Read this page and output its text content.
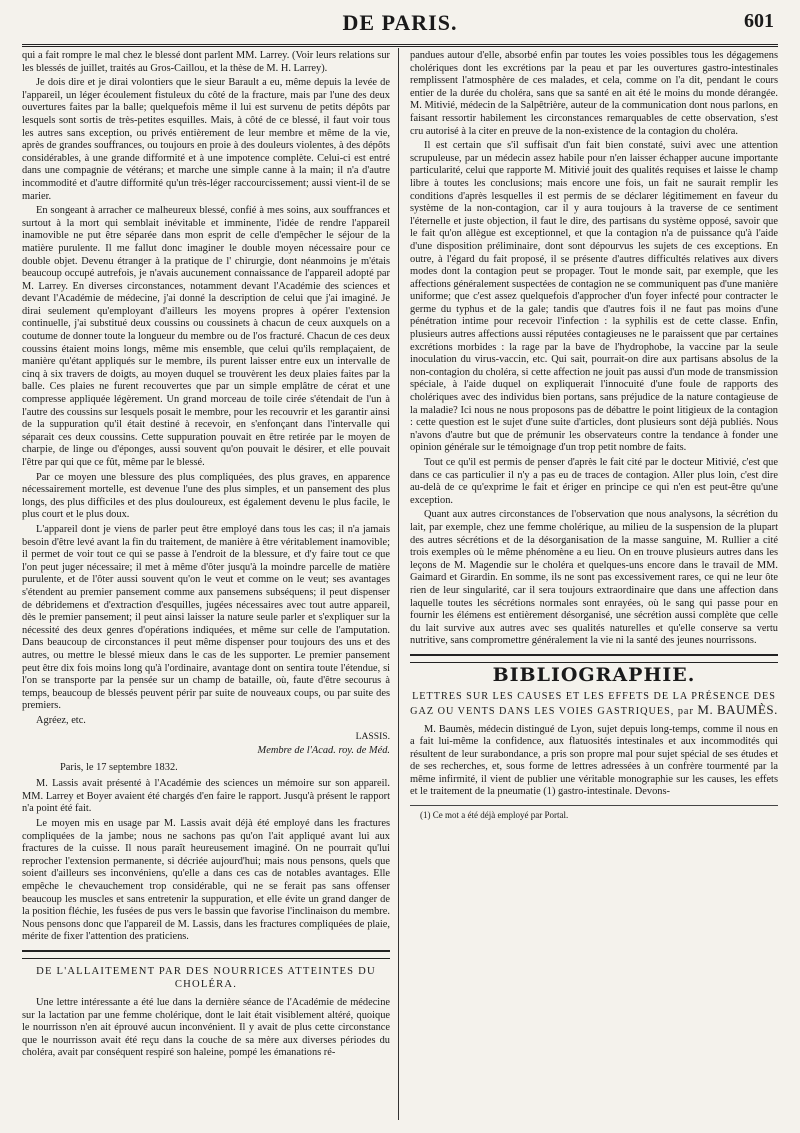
DE PARIS.	601

qui a fait rompre le mal chez le blessé dont parlent MM. Larrey. (Voir leurs relations sur les blessés de juillet, traités au Gros-Caillou, et la thèse de M. H. Larrey).

Je dois dire et je dirai volontiers que le sieur Barault a eu, même depuis la levée de l'appareil, un léger écoulement fistuleux du côté de la fracture, mais par l'une des deux ouvertures faites par la balle; quelquefois même il lui est survenu de petits dépôts par lesquels sont sortis de très-petites esquilles. Mais, à côté de ce blessé, il faut voir tous les autres sans exception, ou privés entièrement de leur membre et même de la vie, après de grandes souffrances, ou toujours en proie à des douleurs violentes, à des dépôts considérables, à une grande difformité et à une impotence complète. Celui-ci est entré dans une compagnie de vétérans; et marche une simple canne à la main; il n'a d'autre incommodité et d'autre difformité qu'un très-léger raccourcissement; aussi vient-il de se marier.

En songeant à arracher ce malheureux blessé, confié à mes soins, aux souffrances et surtout à la mort qui semblait inévitable et imminente, l'idée de rendre l'appareil inamovible ne put être séparée dans mon esprit de celle d'empêcher le séjour de la matière purulente. Il me fallut donc imaginer le double moyen nécessaire pour ce double objet. Devenu étranger à la pratique de l' chirurgie, dont néanmoins je m'étais beaucoup occupé autrefois, je n'avais aucunement connaissance de l'appareil adopté par M. Larrey. En diverses circonstances, notamment devant l'Académie des sciences et devant l'Académie de médecine, j'ai donné la description de celui que j'ai imaginé. Je dirai seulement qu'employant d'ailleurs les moyens propres à opérer l'extension continuelle, j'ai substitué deux coussins ou coussinets à chacun de ceux auxquels on a coutume de donner toute la longueur du membre ou de l'os fracturé. Chacun de ces deux coussins étaient moins longs, même mis ensemble, que celui qu'ils remplaçaient, de manière qu'étant appliqués sur le membre, ils purent laisser entre eux un intervalle de cinq à six travers de doigts, au moyen duquel se trouvèrent les deux plaies faites par la balle. Ces plaies ne furent recouvertes que par un simple emplâtre de cérat et une compresse appliquée légèrement. Un grand morceau de toile cirée s'étendait de l'un à l'autre des coussins sur lesquels posait le membre, pour les recouvrir et les garantir ainsi de la suppuration qu'il était destiné à recevoir, en s'enfonçant dans l'intervalle qui séparait ces deux coussins. Cette suppuration pouvait en être retirée par le moyen de charpie, de linge ou d'éponges, aussi souvent qu'on pouvait le désirer, et elle pouvait l'être par qui que ce fût, même par le blessé.

Par ce moyen une blessure des plus compliquées, des plus graves, en apparence nécessairement mortelle, est devenue l'une des plus simples, et un pansement des plus longs, des plus difficiles et des plus douloureux, est également devenu le plus facile, le plus court et le plus doux.

L'appareil dont je viens de parler peut être employé dans tous les cas; il n'a jamais besoin d'être levé avant la fin du traitement, de manière à être véritablement inamovible; il permet de voir tout ce qui se passe à l'endroit de la blessure, et d'y faire tout ce que l'on peut juger nécessaire; il met à même d'ôter jusqu'à la moindre parcelle de matière purulente, et de l'ôter aussi souvent qu'on le veut et comme on le veut; ses avantages s'étendent au premier pansement comme aux pansemens subséquens; il peut dispenser de débridemens et d'extraction d'esquilles, jugées nécessaires avec tout autre appareil, dès le premier pansement; il peut ainsi laisser la nature seule parler et s'expliquer sur la nécessité des deux genres d'opérations indiquées, et même sur celle de l'amputation. Dans beaucoup de circonstances il peut même dispenser pour toujours des uns et des autres, ou mettre le blessé mieux dans le cas de les supporter. Le premier pansement peut être dix fois moins long qu'à l'ordinaire, avantage dont on sentira toute l'étendue, si l'on se transporte par la pensée sur un champ de bataille, où, faute d'être secourus à temps, beaucoup de blessés peuvent périr par suite de nouveaux coups, ou par suite des premiers.

Agréez, etc.

LASSIS.
Membre de l'Acad. roy. de Méd.
Paris, le 17 septembre 1832.

M. Lassis avait présenté à l'Académie des sciences un mémoire sur son appareil. MM. Larrey et Boyer avaient été chargés d'en faire le rapport. Jusqu'à présent le rapport n'a point été fait.

Le moyen mis en usage par M. Lassis avait déjà été employé dans les fractures compliquées de la jambe; nous ne sachons pas qu'on l'ait appliqué avant lui aux fractures de la cuisse. Il nous paraît heureusement imaginé. On ne pourrait qu'lui reprocher l'extension permanente, si décriée aujourd'hui; mais nous pensons, quels que soient d'ailleurs ses inconvéniens, qu'elle a dans ces cas de notables avantages. Elle empêche le chevauchement trop considérable, qui ne se ferait pas sans offenser beaucoup les muscles et sans entretenir la suppuration, et elle évite un grand danger de la position fléchie, les fusées de pus vers le bassin que favorise l'inclinaison du membre. Nous pensons donc que l'appareil de M. Lassis, dans les fractures compliquées de plaie, mérite de fixer l'attention des praticiens.

DE L'ALLAITEMENT PAR DES NOURRICES ATTEINTES DU CHOLÉRA.

Une lettre intéressante a été lue dans la dernière séance de l'Académie de médecine sur la lactation par une femme cholérique, dont le lait était visiblement altéré, quoique le nourrisson n'en ait éprouvé aucun inconvénient. Il y avait de plus cette circonstance que le nourrisson avait été reçu dans la couche de sa mère aux diverses périodes du choléra, avait par conséquent respiré son haleine, pompé les émanations ré-

pandues autour d'elle, absorbé enfin par toutes les voies possibles tous les dégagemens cholériques dont les excrétions par la peau et par les ouvertures gastro-intestinales remplissent l'atmosphère de ces malades, et cela, comme on l'a dit, pendant le cours entier de la durée du choléra, sans que sa santé en ait été le moins du monde dérangée. M. Mitivié, médecin de la Salpêtrière, auteur de la communication dont nous parlons, en faisant ressortir habilement les circonstances remarquables de cette observation, s'est cru autorisé à la citer en preuve de la non-existence de la contagion du choléra.

Il est certain que s'il suffisait d'un fait bien constaté, suivi avec une attention scrupuleuse, par un médecin assez habile pour n'en laisser échapper aucune importante particularité, celui que rapporte M. Mitivié jouit des qualités requises et laisse le champ libre à toutes les conclusions; mais encore une fois, un fait ne saurait remplir les conditions d'après lesquelles il est permis de se déclarer légitimement en faveur du système de la non-contagion, car il y aura toujours à la traverse de ce sentiment l'éternelle et juste objection, il faut le dire, des partisans du système opposé, savoir que le fait qu'on allègue est exceptionnel, et que la contagion n'a de puissance qu'à l'aide d'une disposition préliminaire, dont sont dépourvus les sujets de ces exceptions. En outre, à l'égard du fait proposé, il se présente d'autres difficultés relatives aux divers modes dont la contagion peut se propager. Tout le monde sait, par exemple, que les affections généralement suspectées de contagion ne se communiquent pas d'une manière uniforme; que c'est assez quelquefois d'approcher d'un foyer infecté pour contracter le germe du typhus et de la gale; tandis que d'autres fois il ne faut pas moins d'une pénétration intime pour recevoir l'infection : la syphilis est de cette classe. Enfin, plusieurs autres affections aussi réputées contagieuses ne le paraissent que par certaines excrétions morbides : la rage par la bave de l'hydrophobe, la vaccine par la seule inoculation du virus-vaccin, etc. Qui sait, pourrait-on dire aux partisans absolus de la non-contagion du choléra, si cette affection ne jouit pas aussi d'un mode de transmission spéciale, à l'aide duquel on expliquerait l'innocuité d'une foule de rapports des cholériques avec des individus bien portans, sans préjudice de la nature contagieuse de la maladie? Ici nous ne nous proposons pas de débattre le point litigieux de la contagion : cette question est le sujet d'une suite d'articles, dont plusieurs sont déjà publiés. Nous n'avons d'autre but que de prémunir les observateurs contre la tendance à fonder une opinion générale sur le témoignage d'un trop petit nombre de faits.

Tout ce qu'il est permis de penser d'après le fait cité par le docteur Mitivié, c'est que dans ce cas particulier il n'y a pas eu de traces de contagion. Aller plus loin, c'est dire au-delà de ce qu'exprime le fait et ériger en principe ce qui n'en est peut-être qu'une exception.

Quant aux autres circonstances de l'observation que nous analysons, la sécrétion du lait, par exemple, chez une femme cholérique, au milieu de la suspension de la plupart des autres sécrétions et de la désorganisation de la masse sanguine, M. Rullier a cité trois exemples où le même phénomène a eu lieu. On en trouve plusieurs autres dans les leçons de M. Magendie sur le choléra et quelques-uns encore dans le travail de MM. Gaimard et Girardin. En somme, ils ne sont pas excessivement rares, ce qui ne leur ôte rien de leur singularité, car il sera toujours extraordinaire que dans une affection dans laquelle toutes les sécrétions normales sont enrayées, où le sang qui passe pour en fournir les élémens est entièrement désorganisé, une sécrétion aussi complète que celle du lait survive aux autres avec ses qualités naturelles et qu'elle conserve sa vertu nutritive, sans compromettre généralement la vie ni la santé des jeunes nourrissons.

BIBLIOGRAPHIE.
LETTRES SUR LES CAUSES ET LES EFFETS DE LA PRÉSENCE DES GAZ OU VENTS DANS LES VOIES GASTRIQUES, par M. BAUMÈS.

M. Baumès, médecin distingué de Lyon, sujet depuis long-temps, comme il nous en a fait lui-même la confidence, aux flatuosités intestinales et aux incommodités qui résultent de leur surabondance, a pris son propre mal pour sujet spécial de ses études et de ses recherches, et, sous forme de lettres adressées à un confrère tourmenté par la même infirmité, il vient de publier une véritable monographie sur les causes, les effets et le traitement de la pneumatie (1) gastro-intestinale. Devons-

(1) Ce mot a été déjà employé par Portal.
